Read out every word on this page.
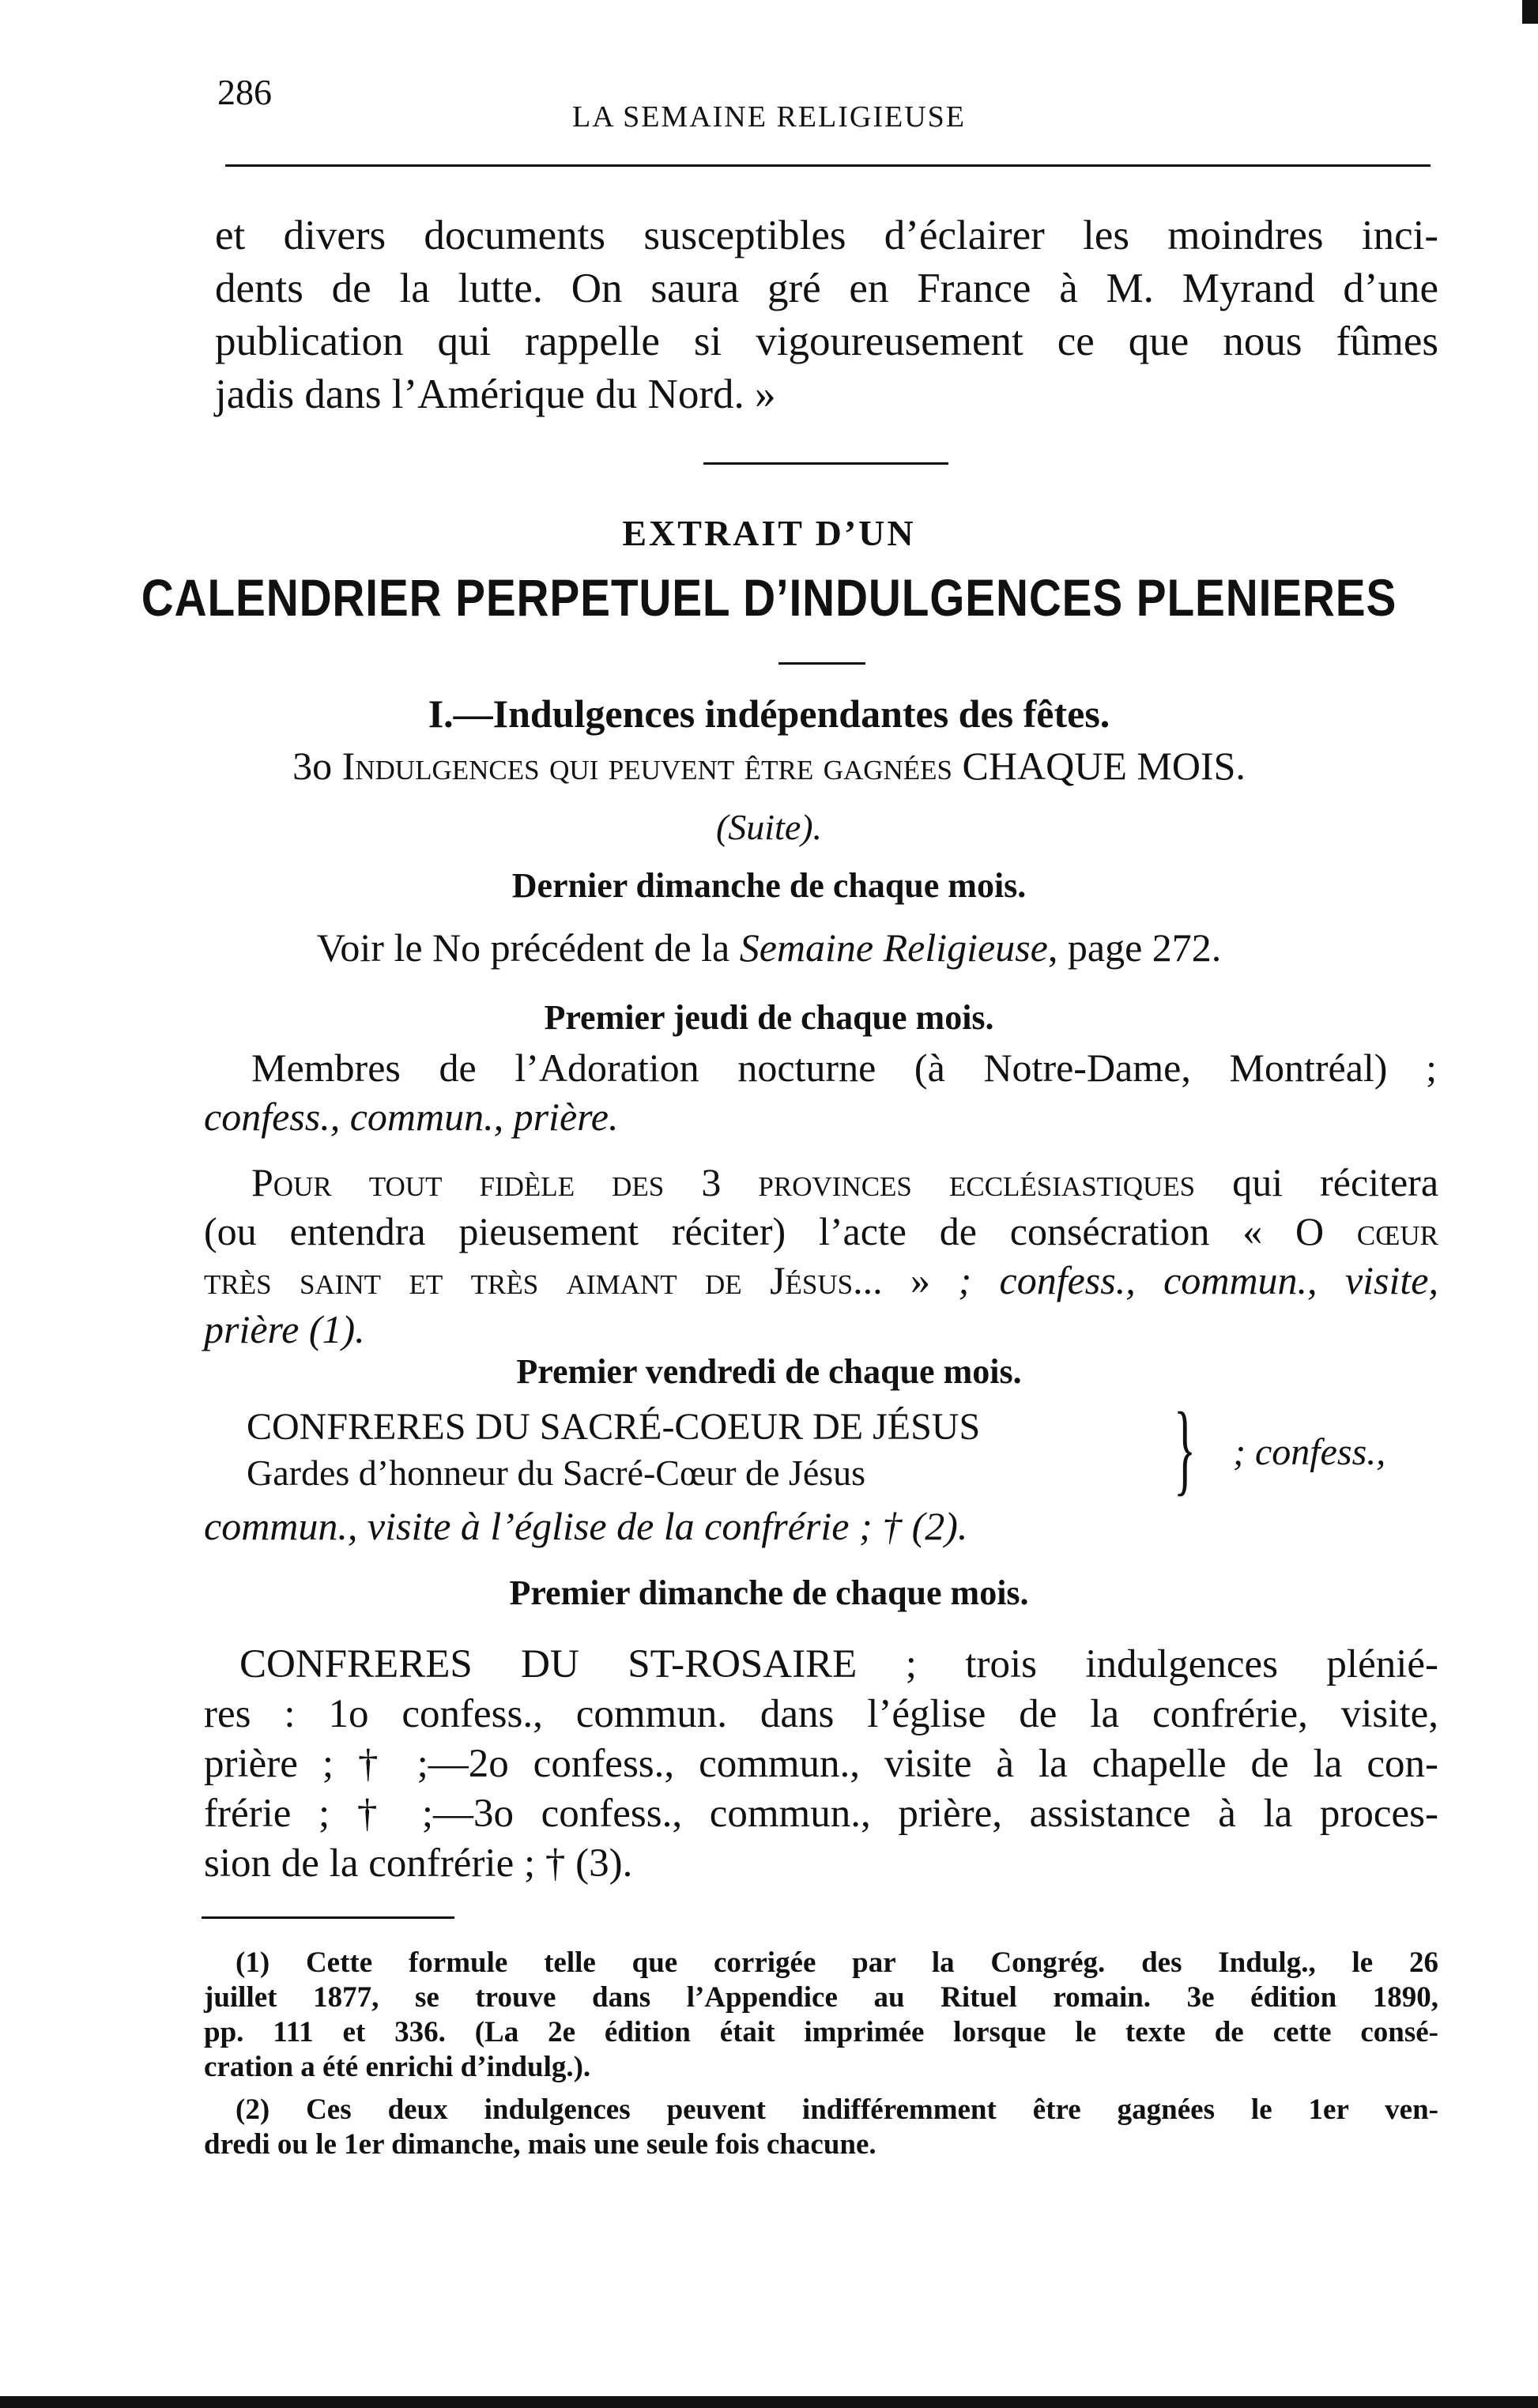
286
LA SEMAINE RELIGIEUSE
et divers documents susceptibles d’éclairer les moindres inci-
dents de la lutte. On saura gré en France à M. Myrand d’une
publication qui rappelle si vigoureusement ce que nous fûmes
jadis dans l’Amérique du Nord. »
EXTRAIT D’UN
CALENDRIER PERPETUEL D’INDULGENCES PLENIERES
I.—Indulgences indépendantes des fêtes.
3o Indulgences qui peuvent être gagnées CHAQUE MOIS.
(Suite).
Dernier dimanche de chaque mois.
Voir le No précédent de la Semaine Religieuse, page 272.
Premier jeudi de chaque mois.
Membres de l’Adoration nocturne (à Notre-Dame, Montréal) ;
confess., commun., prière.
Pour tout fidèle des 3 provinces ecclésiastiques qui récitera
(ou entendra pieusement réciter) l’acte de consécration « O cœur
très saint et très aimant de Jésus... » ; confess., commun., visite,
prière (1).
Premier vendredi de chaque mois.
CONFRERES DU SACRÉ-COEUR DE JÉSUS
Gardes d’honneur du Sacré-Cœur de Jésus	} ; confess.,
commun., visite à l’église de la confrérie ; † (2).
Premier dimanche de chaque mois.
CONFRERES DU ST-ROSAIRE ; trois indulgences plénié-
res : 1o confess., commun. dans l’église de la confrérie, visite,
prière ; † ;—2o confess., commun., visite à la chapelle de la con-
frérie ; † ;—3o confess., commun., prière, assistance à la proces-
sion de la confrérie ; † (3).
(1) Cette formule telle que corrigée par la Congrég. des Indulg., le 26
juillet 1877, se trouve dans l’Appendice au Rituel romain. 3e édition 1890,
pp. 111 et 336. (La 2e édition était imprimée lorsque le texte de cette consé-
cration a été enrichi d’indulg.).
(2) Ces deux indulgences peuvent indifféremment être gagnées le 1er ven-
dredi ou le 1er dimanche, mais une seule fois chacune.
